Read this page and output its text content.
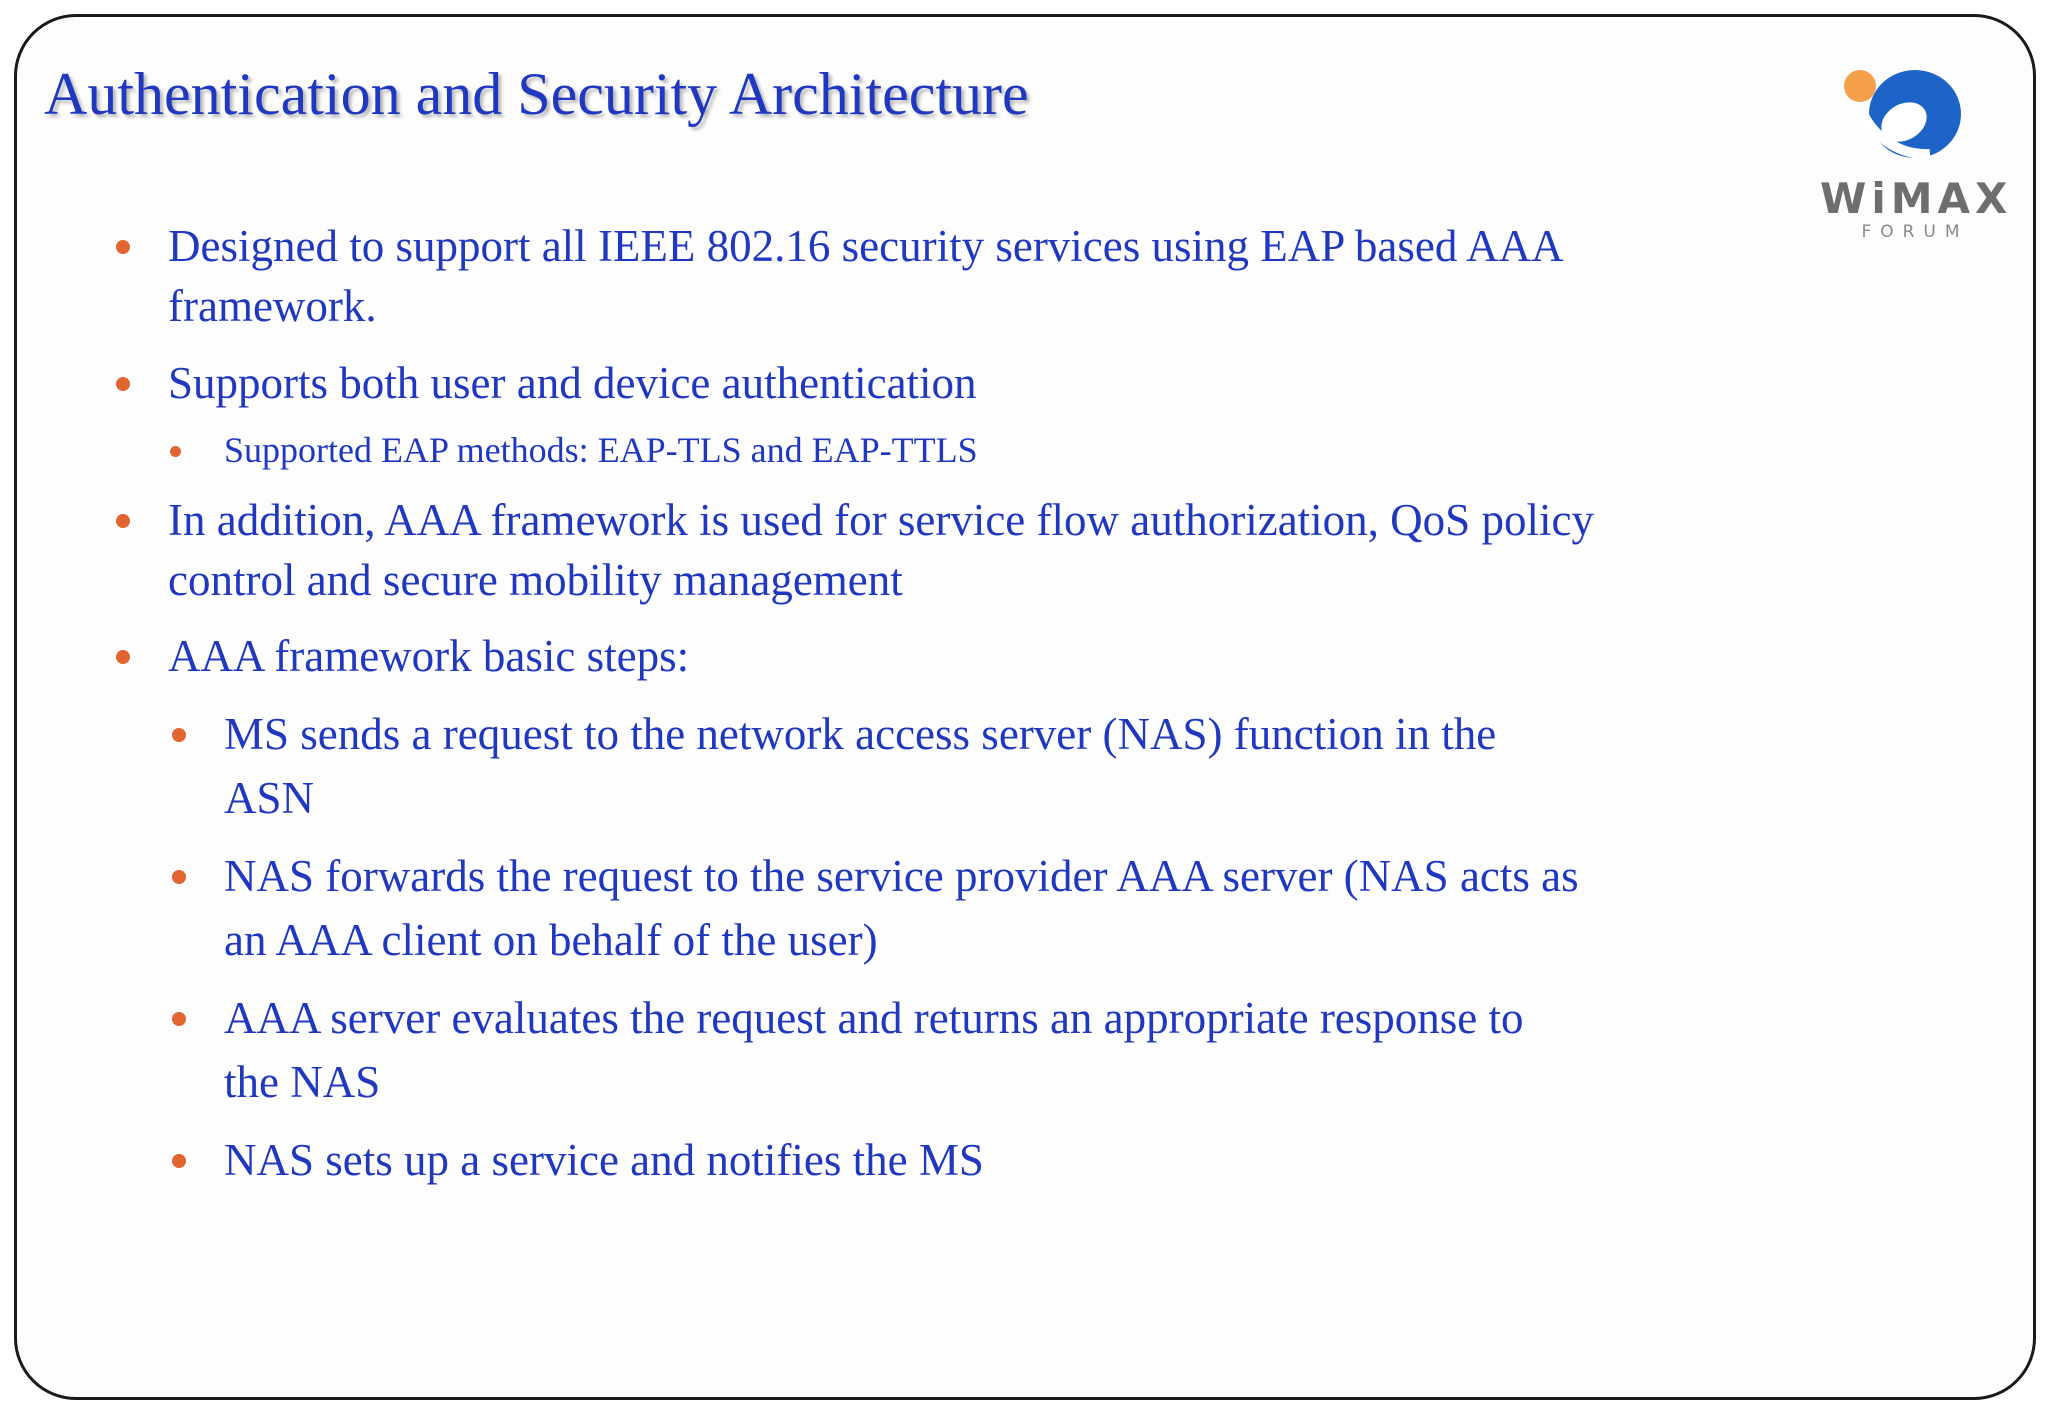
Authentication and Security Architecture
WiMAX
FORUM
Designed to support all IEEE 802.16 security services using EAP based AAA
framework.
Supports both user and device authentication
Supported EAP methods: EAP-TLS and EAP-TTLS
In addition, AAA framework is used for service flow authorization, QoS policy
control and secure mobility management
AAA framework basic steps:
MS sends a request to the network access server (NAS) function in the
ASN
NAS forwards the request to the service provider AAA server (NAS acts as
an AAA client on behalf of the user)
AAA server evaluates the request and returns an appropriate response to
the NAS
NAS sets up a service and notifies the MS
